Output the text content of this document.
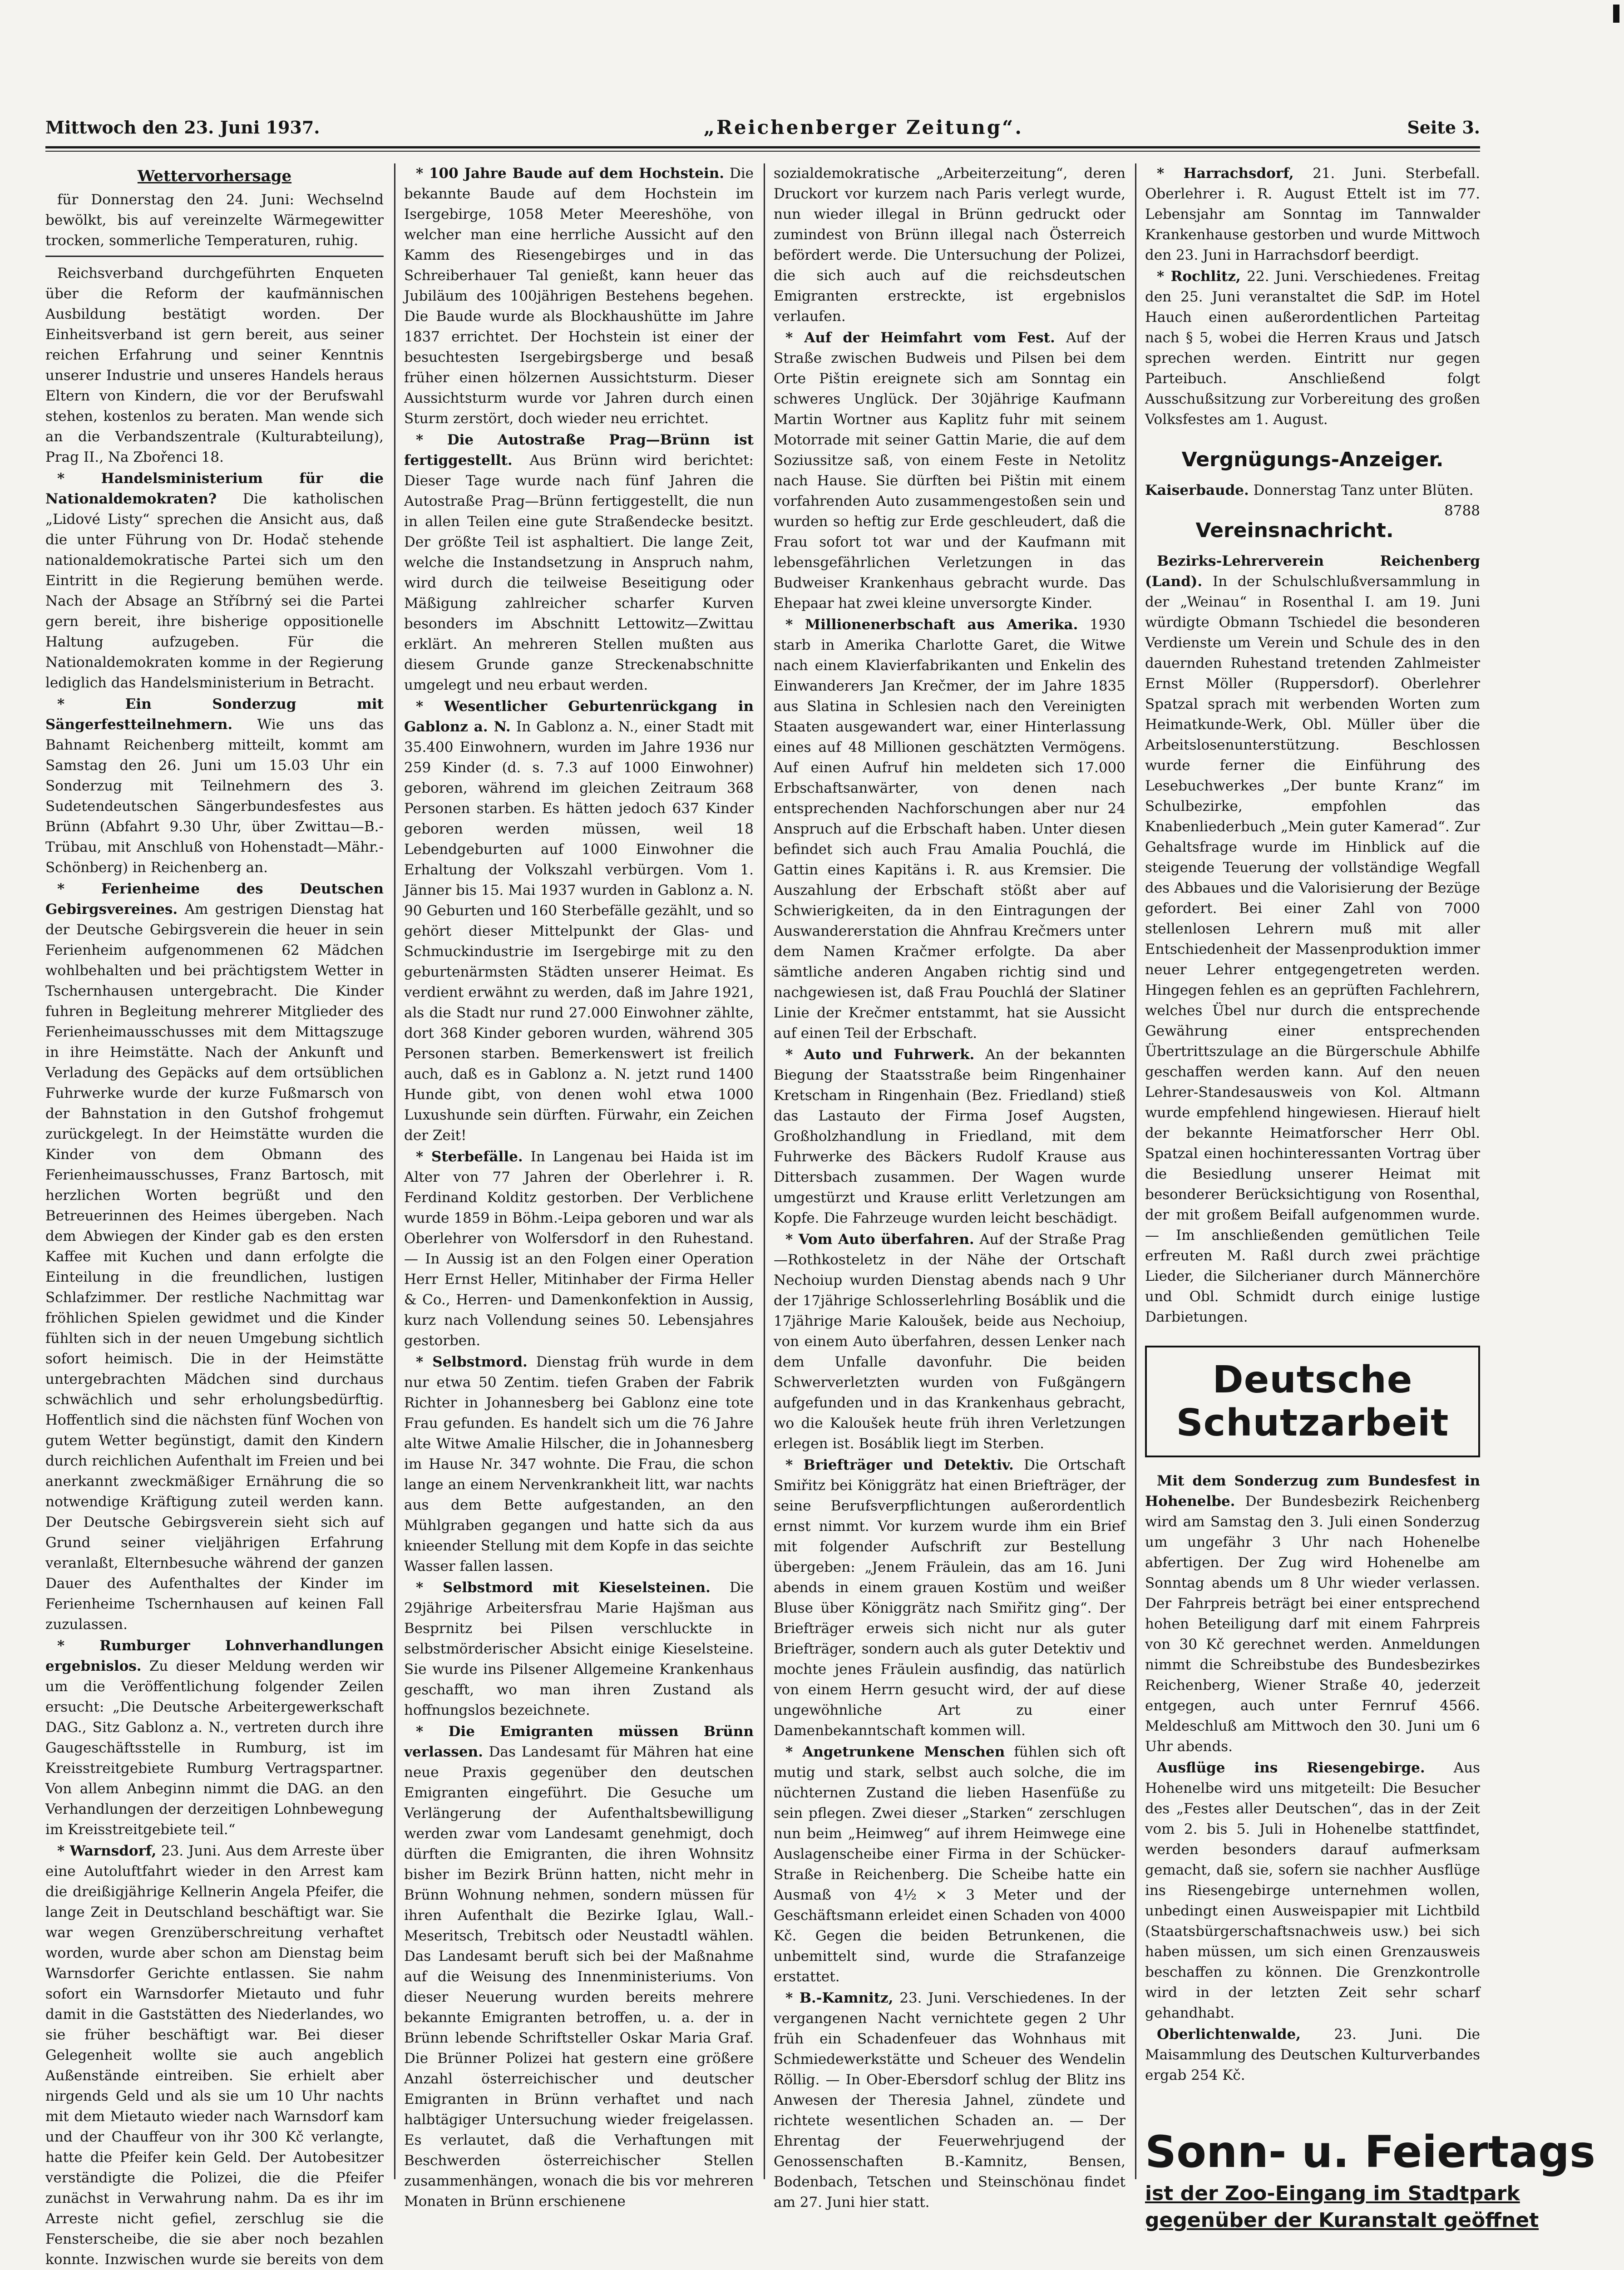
Mittwoch den 23. Juni 1937.	„Reichenberger Zeitung“.	Seite 3.
Wettervorhersage

für Donnerstag den 24. Juni: Wechselnd bewölkt, bis auf vereinzelte Wärmegewitter trocken, sommerliche Temperaturen, ruhig.

Reichsverband durchgeführten Enqueten über die Reform der kaufmännischen Ausbildung bestätigt worden. Der Einheitsverband ist gern bereit, aus seiner reichen Erfahrung und seiner Kenntnis unserer Industrie und unseres Handels heraus Eltern von Kindern, die vor der Berufswahl stehen, kostenlos zu beraten. Man wende sich an die Verbandszentrale (Kulturabteilung), Prag II., Na Zbořenci 18.

* Handelsministerium für die Nationaldemokraten? Die katholischen „Lidové Listy“ sprechen die Ansicht aus, daß die unter Führung von Dr. Hodač stehende nationaldemokratische Partei sich um den Eintritt in die Regierung bemühen werde. Nach der Absage an Stříbrný sei die Partei gern bereit, ihre bisherige oppositionelle Haltung aufzugeben. Für die Nationaldemokraten komme in der Regierung lediglich das Handelsministerium in Betracht.

* Ein Sonderzug mit Sängerfestteilnehmern. Wie uns das Bahnamt Reichenberg mitteilt, kommt am Samstag den 26. Juni um 15.03 Uhr ein Sonderzug mit Teilnehmern des 3. Sudetendeutschen Sängerbundesfestes aus Brünn (Abfahrt 9.30 Uhr, über Zwittau—B.-Trübau, mit Anschluß von Hohenstadt—Mähr.-Schönberg) in Reichenberg an.

* Ferienheime des Deutschen Gebirgsvereines. Am gestrigen Dienstag hat der Deutsche Gebirgsverein die heuer in sein Ferienheim aufgenommenen 62 Mädchen wohlbehalten und bei prächtigstem Wetter in Tschernhausen untergebracht. Die Kinder fuhren in Begleitung mehrerer Mitglieder des Ferienheimausschusses mit dem Mittagszuge in ihre Heimstätte. Nach der Ankunft und Verladung des Gepäcks auf dem ortsüblichen Fuhrwerke wurde der kurze Fußmarsch von der Bahnstation in den Gutshof frohgemut zurückgelegt. In der Heimstätte wurden die Kinder von dem Obmann des Ferienheimausschusses, Franz Bartosch, mit herzlichen Worten begrüßt und den Betreuerinnen des Heimes übergeben. Nach dem Abwiegen der Kinder gab es den ersten Kaffee mit Kuchen und dann erfolgte die Einteilung in die freundlichen, lustigen Schlafzimmer. Der restliche Nachmittag war fröhlichen Spielen gewidmet und die Kinder fühlten sich in der neuen Umgebung sichtlich sofort heimisch. Die in der Heimstätte untergebrachten Mädchen sind durchaus schwächlich und sehr erholungsbedürftig. Hoffentlich sind die nächsten fünf Wochen von gutem Wetter begünstigt, damit den Kindern durch reichlichen Aufenthalt im Freien und bei anerkannt zweckmäßiger Ernährung die so notwendige Kräftigung zuteil werden kann. Der Deutsche Gebirgsverein sieht sich auf Grund seiner vieljährigen Erfahrung veranlaßt, Elternbesuche während der ganzen Dauer des Aufenthaltes der Kinder im Ferienheime Tschernhausen auf keinen Fall zuzulassen.

* Rumburger Lohnverhandlungen ergebnislos. Zu dieser Meldung werden wir um die Veröffentlichung folgender Zeilen ersucht: „Die Deutsche Arbeitergewerkschaft DAG., Sitz Gablonz a. N., vertreten durch ihre Gaugeschäftsstelle in Rumburg, ist im Kreisstreitgebiete Rumburg Vertragspartner. Von allem Anbeginn nimmt die DAG. an den Verhandlungen der derzeitigen Lohnbewegung im Kreisstreitgebiete teil.“

* Warnsdorf, 23. Juni. Aus dem Arreste über eine Autoluftfahrt wieder in den Arrest kam die dreißigjährige Kellnerin Angela Pfeifer, die lange Zeit in Deutschland beschäftigt war. Sie war wegen Grenzüberschreitung verhaftet worden, wurde aber schon am Dienstag beim Warnsdorfer Gerichte entlassen. Sie nahm sofort ein Warnsdorfer Mietauto und fuhr damit in die Gaststätten des Niederlandes, wo sie früher beschäftigt war. Bei dieser Gelegenheit wollte sie auch angeblich Außenstände eintreiben. Sie erhielt aber nirgends Geld und als sie um 10 Uhr nachts mit dem Mietauto wieder nach Warnsdorf kam und der Chauffeur von ihr 300 Kč verlangte, hatte die Pfeifer kein Geld. Der Autobesitzer verständigte die Polizei, die die Pfeifer zunächst in Verwahrung nahm. Da es ihr im Arreste nicht gefiel, zerschlug sie die Fensterscheibe, die sie aber noch bezahlen konnte. Inzwischen wurde sie bereits von dem

* 100 Jahre Baude auf dem Hochstein. Die bekannte Baude auf dem Hochstein im Isergebirge, 1058 Meter Meereshöhe, von welcher man eine herrliche Aussicht auf den Kamm des Riesengebirges und in das Schreiberhauer Tal genießt, kann heuer das Jubiläum des 100jährigen Bestehens begehen. Die Baude wurde als Blockhaushütte im Jahre 1837 errichtet. Der Hochstein ist einer der besuchtesten Isergebirgsberge und besaß früher einen hölzernen Aussichtsturm. Dieser Aussichtsturm wurde vor Jahren durch einen Sturm zerstört, doch wieder neu errichtet.

* Die Autostraße Prag—Brünn ist fertiggestellt. Aus Brünn wird berichtet: Dieser Tage wurde nach fünf Jahren die Autostraße Prag—Brünn fertiggestellt, die nun in allen Teilen eine gute Straßendecke besitzt. Der größte Teil ist asphaltiert. Die lange Zeit, welche die Instandsetzung in Anspruch nahm, wird durch die teilweise Beseitigung oder Mäßigung zahlreicher scharfer Kurven besonders im Abschnitt Lettowitz—Zwittau erklärt. An mehreren Stellen mußten aus diesem Grunde ganze Streckenabschnitte umgelegt und neu erbaut werden.

* Wesentlicher Geburtenrückgang in Gablonz a. N. In Gablonz a. N., einer Stadt mit 35.400 Einwohnern, wurden im Jahre 1936 nur 259 Kinder (d. s. 7.3 auf 1000 Einwohner) geboren, während im gleichen Zeitraum 368 Personen starben. Es hätten jedoch 637 Kinder geboren werden müssen, weil 18 Lebendgeburten auf 1000 Einwohner die Erhaltung der Volkszahl verbürgen. Vom 1. Jänner bis 15. Mai 1937 wurden in Gablonz a. N. 90 Geburten und 160 Sterbefälle gezählt, und so gehört dieser Mittelpunkt der Glas- und Schmuckindustrie im Isergebirge mit zu den geburtenärmsten Städten unserer Heimat. Es verdient erwähnt zu werden, daß im Jahre 1921, als die Stadt nur rund 27.000 Einwohner zählte, dort 368 Kinder geboren wurden, während 305 Personen starben. Bemerkenswert ist freilich auch, daß es in Gablonz a. N. jetzt rund 1400 Hunde gibt, von denen wohl etwa 1000 Luxushunde sein dürften. Fürwahr, ein Zeichen der Zeit!

* Sterbefälle. In Langenau bei Haida ist im Alter von 77 Jahren der Oberlehrer i. R. Ferdinand Kolditz gestorben. Der Verblichene wurde 1859 in Böhm.-Leipa geboren und war als Oberlehrer von Wolfersdorf in den Ruhestand. — In Aussig ist an den Folgen einer Operation Herr Ernst Heller, Mitinhaber der Firma Heller & Co., Herren- und Damenkonfektion in Aussig, kurz nach Vollendung seines 50. Lebensjahres gestorben.

* Selbstmord. Dienstag früh wurde in dem nur etwa 50 Zentim. tiefen Graben der Fabrik Richter in Johannesberg bei Gablonz eine tote Frau gefunden. Es handelt sich um die 76 Jahre alte Witwe Amalie Hilscher, die in Johannesberg im Hause Nr. 347 wohnte. Die Frau, die schon lange an einem Nervenkrankheit litt, war nachts aus dem Bette aufgestanden, an den Mühlgraben gegangen und hatte sich da aus knieender Stellung mit dem Kopfe in das seichte Wasser fallen lassen.

* Selbstmord mit Kieselsteinen. Die 29jährige Arbeitersfrau Marie Hajšman aus Besprnitz bei Pilsen verschluckte in selbstmörderischer Absicht einige Kieselsteine. Sie wurde ins Pilsener Allgemeine Krankenhaus geschafft, wo man ihren Zustand als hoffnungslos bezeichnete.

* Die Emigranten müssen Brünn verlassen. Das Landesamt für Mähren hat eine neue Praxis gegenüber den deutschen Emigranten eingeführt. Die Gesuche um Verlängerung der Aufenthaltsbewilligung werden zwar vom Landesamt genehmigt, doch dürften die Emigranten, die ihren Wohnsitz bisher im Bezirk Brünn hatten, nicht mehr in Brünn Wohnung nehmen, sondern müssen für ihren Aufenthalt die Bezirke Iglau, Wall.-Meseritsch, Trebitsch oder Neustadtl wählen. Das Landesamt beruft sich bei der Maßnahme auf die Weisung des Innenministeriums. Von dieser Neuerung wurden bereits mehrere bekannte Emigranten betroffen, u. a. der in Brünn lebende Schriftsteller Oskar Maria Graf. Die Brünner Polizei hat gestern eine größere Anzahl österreichischer und deutscher Emigranten in Brünn verhaftet und nach halbtägiger Untersuchung wieder freigelassen. Es verlautet, daß die Verhaftungen mit Beschwerden österreichischer Stellen zusammenhängen, wonach die bis vor mehreren Monaten in Brünn erschienene

sozialdemokratische „Arbeiterzeitung“, deren Druckort vor kurzem nach Paris verlegt wurde, nun wieder illegal in Brünn gedruckt oder zumindest von Brünn illegal nach Österreich befördert werde. Die Untersuchung der Polizei, die sich auch auf die reichsdeutschen Emigranten erstreckte, ist ergebnislos verlaufen.

* Auf der Heimfahrt vom Fest. Auf der Straße zwischen Budweis und Pilsen bei dem Orte Pištin ereignete sich am Sonntag ein schweres Unglück. Der 30jährige Kaufmann Martin Wortner aus Kaplitz fuhr mit seinem Motorrade mit seiner Gattin Marie, die auf dem Soziussitze saß, von einem Feste in Netolitz nach Hause. Sie dürften bei Pištin mit einem vorfahrenden Auto zusammengestoßen sein und wurden so heftig zur Erde geschleudert, daß die Frau sofort tot war und der Kaufmann mit lebensgefährlichen Verletzungen in das Budweiser Krankenhaus gebracht wurde. Das Ehepaar hat zwei kleine unversorgte Kinder.

* Millionenerbschaft aus Amerika. 1930 starb in Amerika Charlotte Garet, die Witwe nach einem Klavierfabrikanten und Enkelin des Einwanderers Jan Krečmer, der im Jahre 1835 aus Slatina in Schlesien nach den Vereinigten Staaten ausgewandert war, einer Hinterlassung eines auf 48 Millionen geschätzten Vermögens. Auf einen Aufruf hin meldeten sich 17.000 Erbschaftsanwärter, von denen nach entsprechenden Nachforschungen aber nur 24 Anspruch auf die Erbschaft haben. Unter diesen befindet sich auch Frau Amalia Pouchlá, die Gattin eines Kapitäns i. R. aus Kremsier. Die Auszahlung der Erbschaft stößt aber auf Schwierigkeiten, da in den Eintragungen der Auswandererstation die Ahnfrau Krečmers unter dem Namen Kračmer erfolgte. Da aber sämtliche anderen Angaben richtig sind und nachgewiesen ist, daß Frau Pouchlá der Slatiner Linie der Krečmer entstammt, hat sie Aussicht auf einen Teil der Erbschaft.

* Auto und Fuhrwerk. An der bekannten Biegung der Staatsstraße beim Ringenhainer Kretscham in Ringenhain (Bez. Friedland) stieß das Lastauto der Firma Josef Augsten, Großholzhandlung in Friedland, mit dem Fuhrwerke des Bäckers Rudolf Krause aus Dittersbach zusammen. Der Wagen wurde umgestürzt und Krause erlitt Verletzungen am Kopfe. Die Fahrzeuge wurden leicht beschädigt.

* Vom Auto überfahren. Auf der Straße Prag—Rothkosteletz in der Nähe der Ortschaft Nechoiup wurden Dienstag abends nach 9 Uhr der 17jährige Schlosserlehrling Bosáblik und die 17jährige Marie Kaloušek, beide aus Nechoiup, von einem Auto überfahren, dessen Lenker nach dem Unfalle davonfuhr. Die beiden Schwerverletzten wurden von Fußgängern aufgefunden und in das Krankenhaus gebracht, wo die Kaloušek heute früh ihren Verletzungen erlegen ist. Bosáblik liegt im Sterben.

* Briefträger und Detektiv. Die Ortschaft Smiřitz bei Königgrätz hat einen Briefträger, der seine Berufsverpflichtungen außerordentlich ernst nimmt. Vor kurzem wurde ihm ein Brief mit folgender Aufschrift zur Bestellung übergeben: „Jenem Fräulein, das am 16. Juni abends in einem grauen Kostüm und weißer Bluse über Königgrätz nach Smiřitz ging“. Der Briefträger erweis sich nicht nur als guter Briefträger, sondern auch als guter Detektiv und mochte jenes Fräulein ausfindig, das natürlich von einem Herrn gesucht wird, der auf diese ungewöhnliche Art zu einer Damenbekanntschaft kommen will.

* Angetrunkene Menschen fühlen sich oft mutig und stark, selbst auch solche, die im nüchternen Zustand die lieben Hasenfüße zu sein pflegen. Zwei dieser „Starken“ zerschlugen nun beim „Heimweg“ auf ihrem Heimwege eine Auslagenscheibe einer Firma in der Schücker-Straße in Reichenberg. Die Scheibe hatte ein Ausmaß von 4½ × 3 Meter und der Geschäftsmann erleidet einen Schaden von 4000 Kč. Gegen die beiden Betrunkenen, die unbemittelt sind, wurde die Strafanzeige erstattet.

* B.-Kamnitz, 23. Juni. Verschiedenes. In der vergangenen Nacht vernichtete gegen 2 Uhr früh ein Schadenfeuer das Wohnhaus mit Schmiedewerkstätte und Scheuer des Wendelin Röllig. — In Ober-Ebersdorf schlug der Blitz ins Anwesen der Theresia Jahnel, zündete und richtete wesentlichen Schaden an. — Der Ehrentag der Feuerwehrjugend der Genossenschaften B.-Kamnitz, Bensen, Bodenbach, Tetschen und Steinschönau findet am 27. Juni hier statt.

* Harrachsdorf, 21. Juni. Sterbefall. Oberlehrer i. R. August Ettelt ist im 77. Lebensjahr am Sonntag im Tannwalder Krankenhause gestorben und wurde Mittwoch den 23. Juni in Harrachsdorf beerdigt.

* Rochlitz, 22. Juni. Verschiedenes. Freitag den 25. Juni veranstaltet die SdP. im Hotel Hauch einen außerordentlichen Parteitag nach § 5, wobei die Herren Kraus und Jatsch sprechen werden. Eintritt nur gegen Parteibuch. Anschließend folgt Ausschußsitzung zur Vorbereitung des großen Volksfestes am 1. August.

Vergnügungs-Anzeiger.

Kaiserbaude. Donnerstag Tanz unter Blüten.
8788

Vereinsnachricht.

Bezirks-Lehrerverein Reichenberg (Land). In der Schulschlußversammlung in der „Weinau“ in Rosenthal I. am 19. Juni würdigte Obmann Tschiedel die besonderen Verdienste um Verein und Schule des in den dauernden Ruhestand tretenden Zahlmeister Ernst Möller (Ruppersdorf). Oberlehrer Spatzal sprach mit werbenden Worten zum Heimatkunde-Werk, Obl. Müller über die Arbeitslosenunterstützung. Beschlossen wurde ferner die Einführung des Lesebuchwerkes „Der bunte Kranz“ im Schulbezirke, empfohlen das Knabenliederbuch „Mein guter Kamerad“. Zur Gehaltsfrage wurde im Hinblick auf die steigende Teuerung der vollständige Wegfall des Abbaues und die Valorisierung der Bezüge gefordert. Bei einer Zahl von 7000 stellenlosen Lehrern muß mit aller Entschiedenheit der Massenproduktion immer neuer Lehrer entgegengetreten werden. Hingegen fehlen es an geprüften Fachlehrern, welches Übel nur durch die entsprechende Gewährung einer entsprechenden Übertrittszulage an die Bürgerschule Abhilfe geschaffen werden kann. Auf den neuen Lehrer-Standesausweis von Kol. Altmann wurde empfehlend hingewiesen. Hierauf hielt der bekannte Heimatforscher Herr Obl. Spatzal einen hochinteressanten Vortrag über die Besiedlung unserer Heimat mit besonderer Berücksichtigung von Rosenthal, der mit großem Beifall aufgenommen wurde. — Im anschließenden gemütlichen Teile erfreuten M. Raßl durch zwei prächtige Lieder, die Silcherianer durch Männerchöre und Obl. Schmidt durch einige lustige Darbietungen.

Deutsche Schutzarbeit

Mit dem Sonderzug zum Bundesfest in Hohenelbe. Der Bundesbezirk Reichenberg wird am Samstag den 3. Juli einen Sonderzug um ungefähr 3 Uhr nach Hohenelbe abfertigen. Der Zug wird Hohenelbe am Sonntag abends um 8 Uhr wieder verlassen. Der Fahrpreis beträgt bei einer entsprechend hohen Beteiligung darf mit einem Fahrpreis von 30 Kč gerechnet werden. Anmeldungen nimmt die Schreibstube des Bundesbezirkes Reichenberg, Wiener Straße 40, jederzeit entgegen, auch unter Fernruf 4566. Meldeschluß am Mittwoch den 30. Juni um 6 Uhr abends.

Ausflüge ins Riesengebirge. Aus Hohenelbe wird uns mitgeteilt: Die Besucher des „Festes aller Deutschen“, das in der Zeit vom 2. bis 5. Juli in Hohenelbe stattfindet, werden besonders darauf aufmerksam gemacht, daß sie, sofern sie nachher Ausflüge ins Riesengebirge unternehmen wollen, unbedingt einen Ausweispapier mit Lichtbild (Staatsbürgerschaftsnachweis usw.) bei sich haben müssen, um sich einen Grenzausweis beschaffen zu können. Die Grenzkontrolle wird in der letzten Zeit sehr scharf gehandhabt.

Oberlichtenwalde, 23. Juni. Die Maisammlung des Deutschen Kulturverbandes ergab 254 Kč.

Sonn- u. Feiertags
ist der Zoo-Eingang im Stadtpark
gegenüber der Kuranstalt geöffnet
